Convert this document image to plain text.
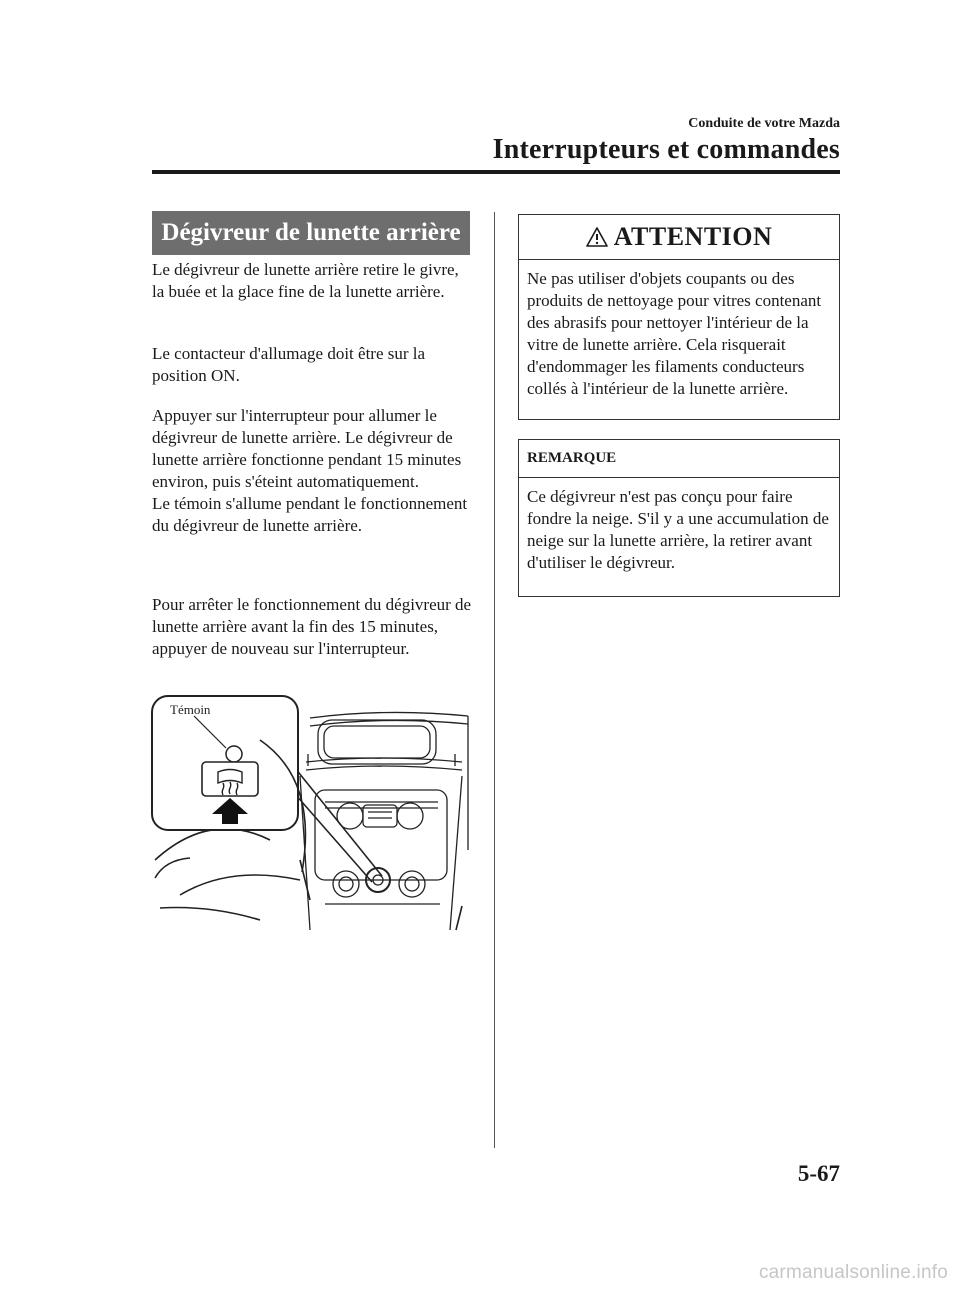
Conduite de votre Mazda
Interrupteurs et commandes
Dégivreur de lunette arrière
Le dégivreur de lunette arrière retire le givre, la buée et la glace fine de la lunette arrière.
Le contacteur d'allumage doit être sur la position ON.
Appuyer sur l'interrupteur pour allumer le dégivreur de lunette arrière. Le dégivreur de lunette arrière fonctionne pendant 15 minutes environ, puis s'éteint automatiquement.
Le témoin s'allume pendant le fonctionnement du dégivreur de lunette arrière.
Pour arrêter le fonctionnement du dégivreur de lunette arrière avant la fin des 15 minutes, appuyer de nouveau sur l'interrupteur.
Témoin
ATTENTION
Ne pas utiliser d'objets coupants ou des produits de nettoyage pour vitres contenant des abrasifs pour nettoyer l'intérieur de la vitre de lunette arrière. Cela risquerait d'endommager les filaments conducteurs collés à l'intérieur de la lunette arrière.
REMARQUE
Ce dégivreur n'est pas conçu pour faire fondre la neige. S'il y a une accumulation de neige sur la lunette arrière, la retirer avant d'utiliser le dégivreur.
5-67
carmanualsonline.info
